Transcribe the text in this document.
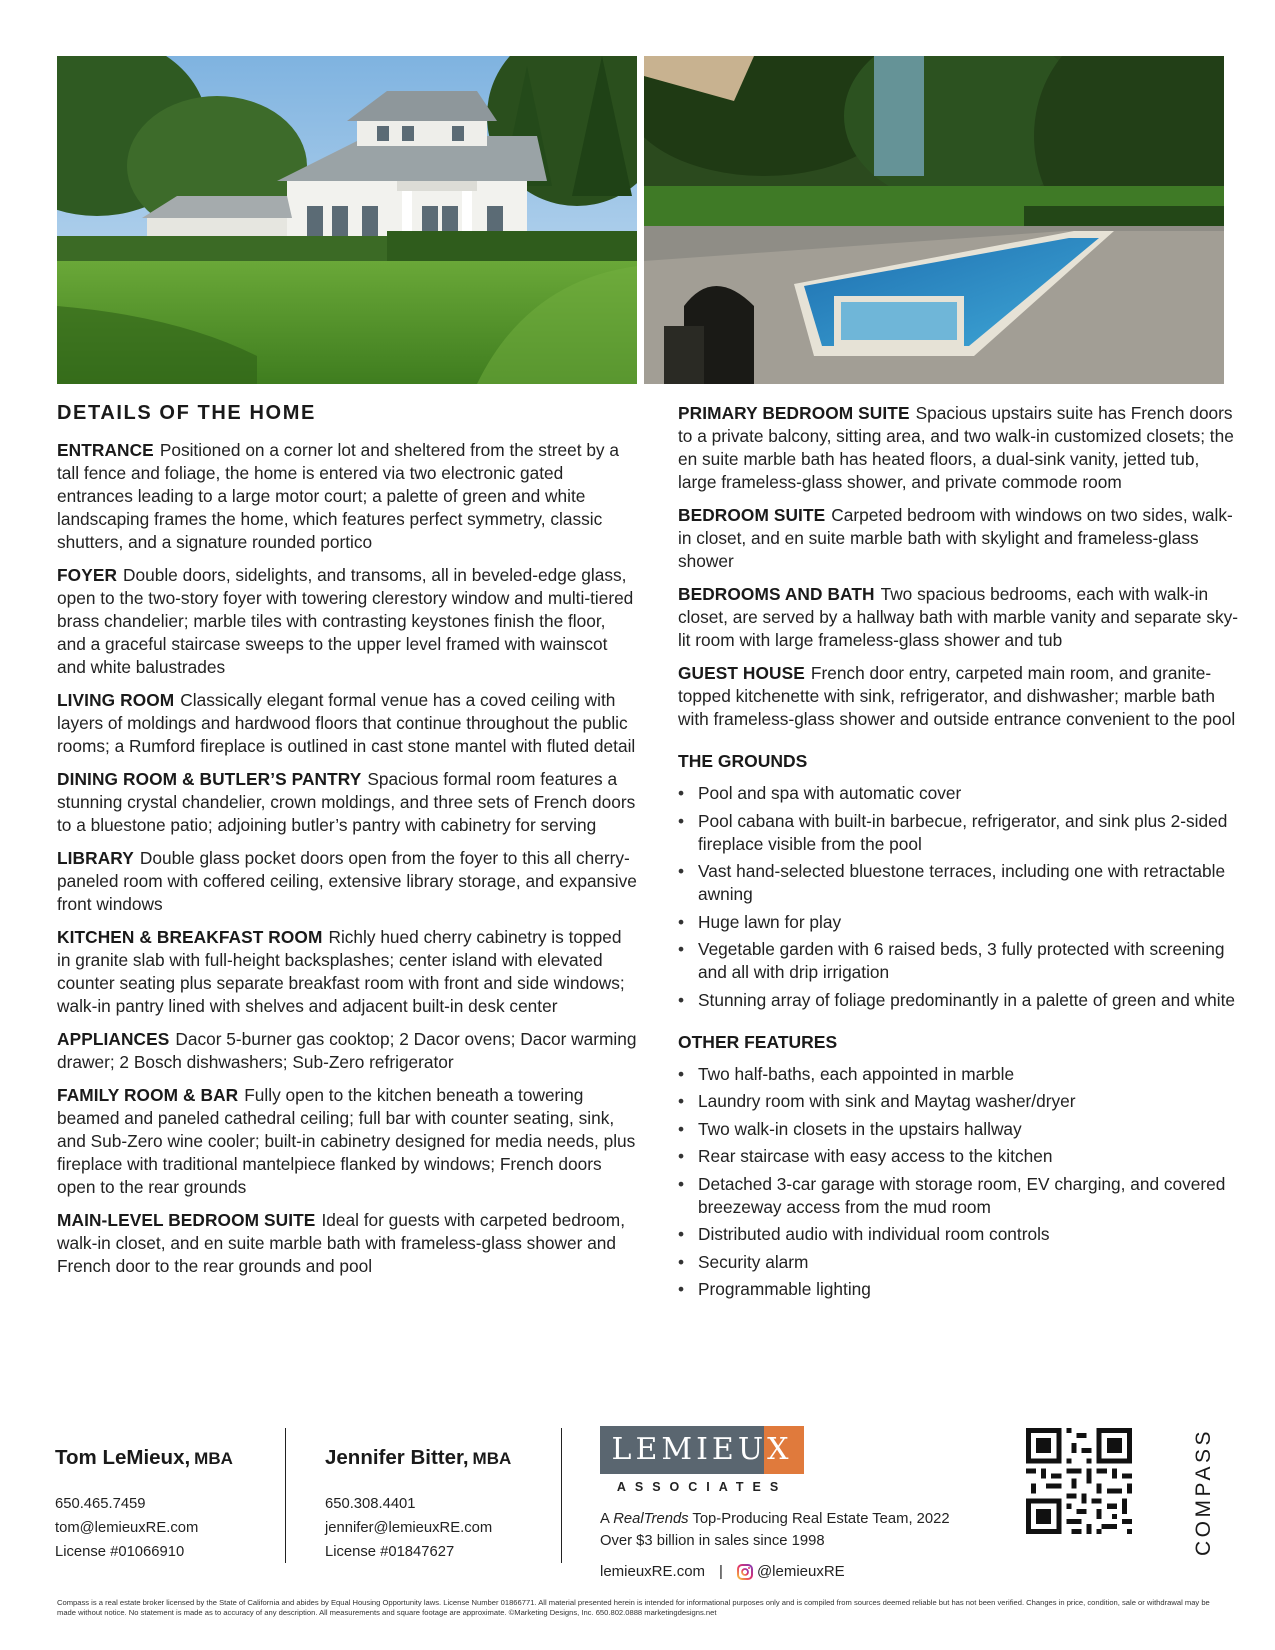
DETAILS OF THE HOME

ENTRANCE Positioned on a corner lot and sheltered from the street by a tall fence and foliage, the home is entered via two electronic gated entrances leading to a large motor court; a palette of green and white landscaping frames the home, which features perfect symmetry, classic shutters, and a signature rounded portico

FOYER Double doors, sidelights, and transoms, all in beveled-edge glass, open to the two-story foyer with towering clerestory window and multi-tiered brass chandelier; marble tiles with contrasting keystones finish the floor, and a graceful staircase sweeps to the upper level framed with wainscot and white balustrades

LIVING ROOM Classically elegant formal venue has a coved ceiling with layers of moldings and hardwood floors that continue throughout the public rooms; a Rumford fireplace is outlined in cast stone mantel with fluted detail

DINING ROOM & BUTLER’S PANTRY Spacious formal room features a stunning crystal chandelier, crown moldings, and three sets of French doors to a bluestone patio; adjoining butler’s pantry with cabinetry for serving

LIBRARY Double glass pocket doors open from the foyer to this all cherry-paneled room with coffered ceiling, extensive library storage, and expansive front windows

KITCHEN & BREAKFAST ROOM Richly hued cherry cabinetry is topped in granite slab with full-height backsplashes; center island with elevated counter seating plus separate breakfast room with front and side windows; walk-in pantry lined with shelves and adjacent built-in desk center

APPLIANCES Dacor 5-burner gas cooktop; 2 Dacor ovens; Dacor warming drawer; 2 Bosch dishwashers; Sub-Zero refrigerator

FAMILY ROOM & BAR Fully open to the kitchen beneath a towering beamed and paneled cathedral ceiling; full bar with counter seating, sink, and Sub-Zero wine cooler; built-in cabinetry designed for media needs, plus fireplace with traditional mantelpiece flanked by windows; French doors open to the rear grounds

MAIN-LEVEL BEDROOM SUITE Ideal for guests with carpeted bedroom, walk-in closet, and en suite marble bath with frameless-glass shower and French door to the rear grounds and pool

PRIMARY BEDROOM SUITE Spacious upstairs suite has French doors to a private balcony, sitting area, and two walk-in customized closets; the en suite marble bath has heated floors, a dual-sink vanity, jetted tub, large frameless-glass shower, and private commode room

BEDROOM SUITE Carpeted bedroom with windows on two sides, walk-in closet, and en suite marble bath with skylight and frameless-glass shower

BEDROOMS AND BATH Two spacious bedrooms, each with walk-in closet, are served by a hallway bath with marble vanity and separate sky-lit room with large frameless-glass shower and tub

GUEST HOUSE French door entry, carpeted main room, and granite-topped kitchenette with sink, refrigerator, and dishwasher; marble bath with frameless-glass shower and outside entrance convenient to the pool

THE GROUNDS
• Pool and spa with automatic cover
• Pool cabana with built-in barbecue, refrigerator, and sink plus 2-sided fireplace visible from the pool
• Vast hand-selected bluestone terraces, including one with retractable awning
• Huge lawn for play
• Vegetable garden with 6 raised beds, 3 fully protected with screening and all with drip irrigation
• Stunning array of foliage predominantly in a palette of green and white
OTHER FEATURES
• Two half-baths, each appointed in marble
• Laundry room with sink and Maytag washer/dryer
• Two walk-in closets in the upstairs hallway
• Rear staircase with easy access to the kitchen
• Detached 3-car garage with storage room, EV charging, and covered breezeway access from the mud room
• Distributed audio with individual room controls
• Security alarm
• Programmable lighting
Tom LeMieux, MBA
650.465.7459
tom@lemieuxRE.com
License #01066910
Jennifer Bitter, MBA
650.308.4401
jennifer@lemieuxRE.com
License #01847627
LEMIEUX
ASSOCIATES
A RealTrends Top-Producing Real Estate Team, 2022
Over $3 billion in sales since 1998
lemieuxRE.com | @lemieuxRE
COMPASS
Compass is a real estate broker licensed by the State of California and abides by Equal Housing Opportunity laws. License Number 01866771. All material presented herein is intended for informational purposes only and is compiled from sources deemed reliable but has not been verified. Changes in price, condition, sale or withdrawal may be made without notice. No statement is made as to accuracy of any description. All measurements and square footage are approximate. ©Marketing Designs, Inc. 650.802.0888 marketingdesigns.net
